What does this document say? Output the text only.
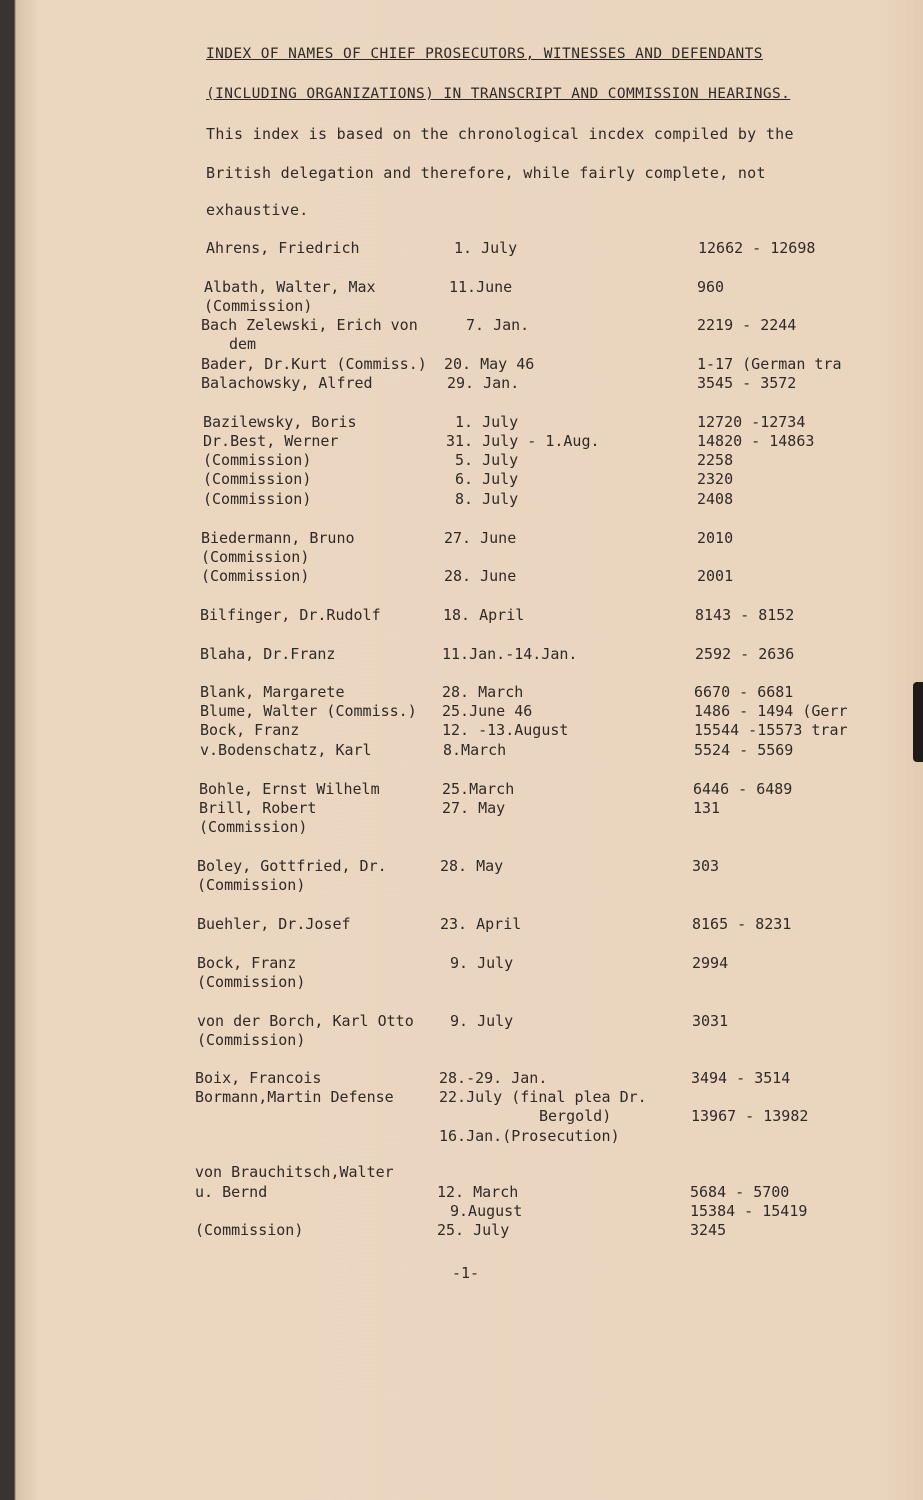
INDEX OF NAMES OF CHIEF PROSECUTORS, WITNESSES AND DEFENDANTS
(INCLUDING ORGANIZATIONS) IN TRANSCRIPT AND COMMISSION HEARINGS.
This index is based on the chronological incdex compiled by the
British delegation and therefore, while fairly complete, not
exhaustive.
Ahrens, Friedrich	1. July	12662 - 12698
Albath, Walter, Max	11.June	960
(Commission)
Bach Zelewski, Erich von	7. Jan.	2219 - 2244
dem
Bader, Dr.Kurt (Commiss.) 20. May 46	1-17 (German tra
Balachowsky, Alfred	29. Jan.	3545 - 3572
Bazilewsky, Boris	1. July	12720 -12734
Dr.Best, Werner	31. July - 1.Aug.	14820 - 14863
(Commission)	5. July	2258
(Commission)	6. July	2320
(Commission)	8. July	2408
Biedermann, Bruno	27. June	2010
(Commission)
(Commission)	28. June	2001
Bilfinger, Dr.Rudolf	18. April	8143 - 8152
Blaha, Dr.Franz	11.Jan.-14.Jan.	2592 - 2636
Blank, Margarete	28. March	6670 - 6681
Blume, Walter (Commiss.) 25.June 46	1486 - 1494 (Gerr
Bock, Franz	12. -13.August	15544 -15573 trar
v.Bodenschatz, Karl	8.March	5524 - 5569
Bohle, Ernst Wilhelm	25.March	6446 - 6489
Brill, Robert	27. May	131
(Commission)
Boley, Gottfried, Dr.	28. May	303
(Commission)
Buehler, Dr.Josef	23. April	8165 - 8231
Bock, Franz	9. July	2994
(Commission)
von der Borch, Karl Otto 9. July	3031
(Commission)
Boix, Francois	28.-29. Jan.	3494 - 3514
Bormann,Martin Defense	22.July (final plea Dr.
Bergold)	13967 - 13982
16.Jan.(Prosecution)
von Brauchitsch,Walter
u. Bernd	12. March	5684 - 5700
9.August	15384 - 15419
(Commission)	25. July	3245
-1-
